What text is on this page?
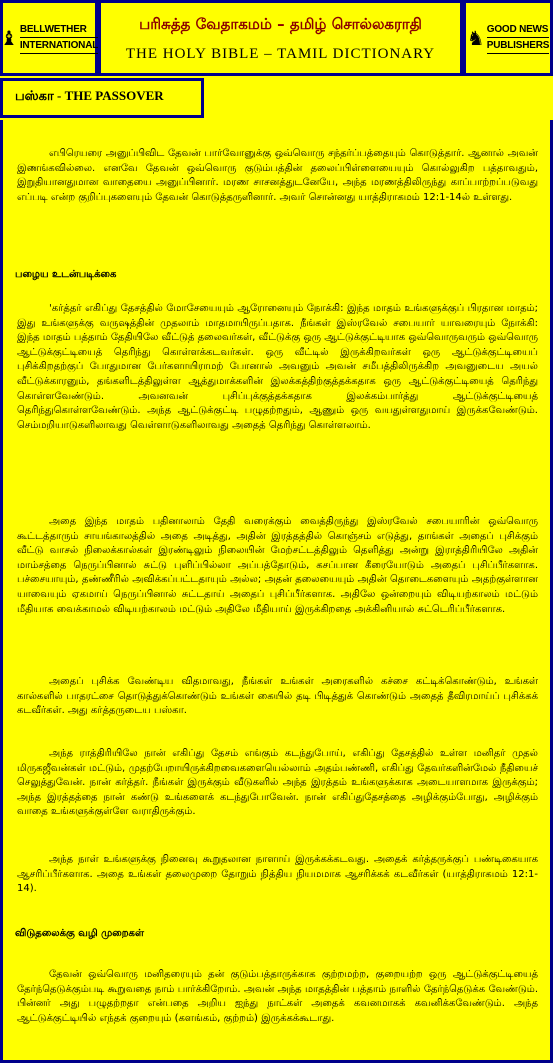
♝ BELLWETHER
INTERNATIONAL
பரிசுத்த வேதாகமம் – தமிழ் சொல்லகராதி
THE HOLY BIBLE – TAMIL DICTIONARY
♞ GOOD NEWS
PUBLISHERS
பஸ்கா - THE PASSOVER

எபிரெயரை அனுப்பிவிட தேவன் பார்வோனுக்கு ஒவ்வொரு சந்தர்ப்பத்தையும் கொடுத்தார். ஆனால் அவன் இணங்கவில்லை. எனவே தேவன் ஒவ்வொரு குடும்பத்தின் தலைப்பிள்ளையையும் கொல்லுகிற பத்தாவதும், இறுதியானதுமான வாதையை அனுப்பினார். மரண சாசனத்துடனேயே, அந்த மரணத்திலிருந்து காப்பாற்றப்படுவது எப்படி என்ற குறிப்புகளையும் தேவன் கொடுத்தருளினார். அவர் சொன்னது யாத்திராகமம் 12:1-14ல் உள்ளது.

பழைய உடன்படிக்கை

'கர்த்தர் எகிப்து தேசத்தில் மோசேயையும் ஆரோனையும் நோக்கி: இந்த மாதம் உங்களுக்குப் பிரதான மாதம்; இது உங்களுக்கு வருஷத்தின் முதலாம் மாதமாயிருப்பதாக. நீங்கள் இஸ்ரவேல் சபையார் யாவரையும் நோக்கி: இந்த மாதம் பத்தாம் தேதியிலே வீட்டுத் தலைவர்கள், வீட்டுக்கு ஒரு ஆட்டுக்குட்டியாக ஒவ்வொருவரும் ஒவ்வொரு ஆட்டுக்குட்டியைத் தெரிந்து கொள்ளக்கடவர்கள். ஒரு வீட்டில் இருக்கிறவர்கள் ஒரு ஆட்டுக்குட்டியைப் புசிக்கிறதற்குப் போதுமான பேர்களாயிராமற் போனால் அவனும் அவன் சமீபத்திலிருக்கிற அவனுடைய அயல் வீட்டுக்காரனும், தங்களிடத்திலுள்ள ஆத்துமாக்களின் இலக்கத்திற்குத்தக்கதாக ஒரு ஆட்டுக்குட்டியைத் தெரிந்து கொள்ளவேண்டும். அவனவன் புசிப்புக்குத்தக்கதாக இலக்கம்பார்த்து ஆட்டுக்குட்டியைத் தெரிந்துகொள்ளவேண்டும். அந்த ஆட்டுக்குட்டி பழுதற்றதும், ஆணும் ஒரு வயதுள்ளதுமாய் இருக்கவேண்டும். செம்மறியாடுகளிலாவது வெள்ளாடுகளிலாவது அதைத் தெரிந்து கொள்ளலாம்.

அதை இந்த மாதம் பதினாலாம் தேதி வரைக்கும் வைத்திருந்து இஸ்ரவேல் சபையாரின் ஒவ்வொரு கூட்டத்தாரும் சாயங்காலத்தில் அதை அடித்து, அதின் இரத்தத்தில் கொஞ்சம் எடுத்து, தாங்கள் அதைப் புசிக்கும் வீட்டு வாசல் நிலைக்கால்கள் இரண்டிலும் நிலையின் மேற்சட்டத்திலும் தெளித்து அன்று இராத்திரியிலே அதின் மாம்சத்தை நெருப்பினால் சுட்டு புளிப்பில்லா அப்பத்தோடும், கசப்பான கீரையோடும் அதைப் புசிப்பீர்களாக. பச்சையாயும், தண்ணீரில் அவிக்கப்பட்டதாயும் அல்ல; அதன் தலையையும் அதின் தொடைகளையும் அதற்குள்ளான யாவையும் ஏகமாய் நெருப்பினால் சுட்டதாய் அதைப் புசிப்பீர்களாக. அதிலே ஒன்றையும் விடியற்காலம் மட்டும் மீதியாக வைக்காமல் விடியற்காலம் மட்டும் அதிலே மீதியாய் இருக்கிறதை அக்கினியால் சுட்டெரிப்பீர்களாக.

அதைப் புசிக்க வேண்டிய விதமாவது, நீங்கள் உங்கள் அரைகளில் கச்சை கட்டிக்கொண்டும், உங்கள் கால்களில் பாதரட்சை தொடுத்துக்கொண்டும் உங்கள் கையில் தடி பிடித்துக் கொண்டும் அதைத் தீவிரமாய்ப் புசிக்கக் கடவீர்கள். அது கர்த்தருடைய பஸ்கா.

அந்த ராத்திரியிலே நான் எகிப்து தேசம் எங்கும் கடந்துபோய், எகிப்து தேசத்தில் உள்ள மனிதர் முதல் மிருகஜீவன்கள் மட்டும், முதற்பேறாயிருக்கிறவைகளையெல்லாம் அதம்பண்ணி, எகிப்து தேவர்களின்மேல் நீதியைச் செலுத்துவேன். நான் கர்த்தர். நீங்கள் இருக்கும் வீடுகளில் அந்த இரத்தம் உங்களுக்காக அடையாளமாக இருக்கும்; அந்த இரத்தத்தை நான் கண்டு உங்களைக் கடந்துபோவேன். நான் எகிப்துதேசத்தை அழிக்கும்போது, அழிக்கும் வாதை உங்களுக்குள்ளே வராதிருக்கும்.

அந்த நாள் உங்களுக்கு நினைவு கூறுதலான நாளாய் இருக்கக்கடவது. அதைக் கர்த்தருக்குப் பண்டிகையாக ஆசரிப்பீர்களாக. அதை உங்கள் தலைமுறை தோறும் நித்திய நியமமாக ஆசரிக்கக் கடவீர்கள் (யாத்திராகமம் 12:1-14).

விடுதலைக்கு வழி முறைகள்

தேவன் ஒவ்வொரு மனிதரையும் தன் குடும்பத்தாருக்காக குற்றமற்ற, குறையற்ற ஒரு ஆட்டுக்குட்டியைத் தேர்ந்தெடுக்கும்படி கூறுவதை நாம் பார்க்கிறோம். அவன் அந்த மாதத்தின் பத்தாம் நாளில் தேர்ந்தெடுக்க வேண்டும். பின்னர் அது பழுதற்றதா என்பதை அறிய ஐந்து நாட்கள் அதைக் கவனமாகக் கவனிக்கவேண்டும். அந்த ஆட்டுக்குட்டியில் எந்தக் குறையும் (களங்கம், குற்றம்) இருக்கக்கூடாது.
